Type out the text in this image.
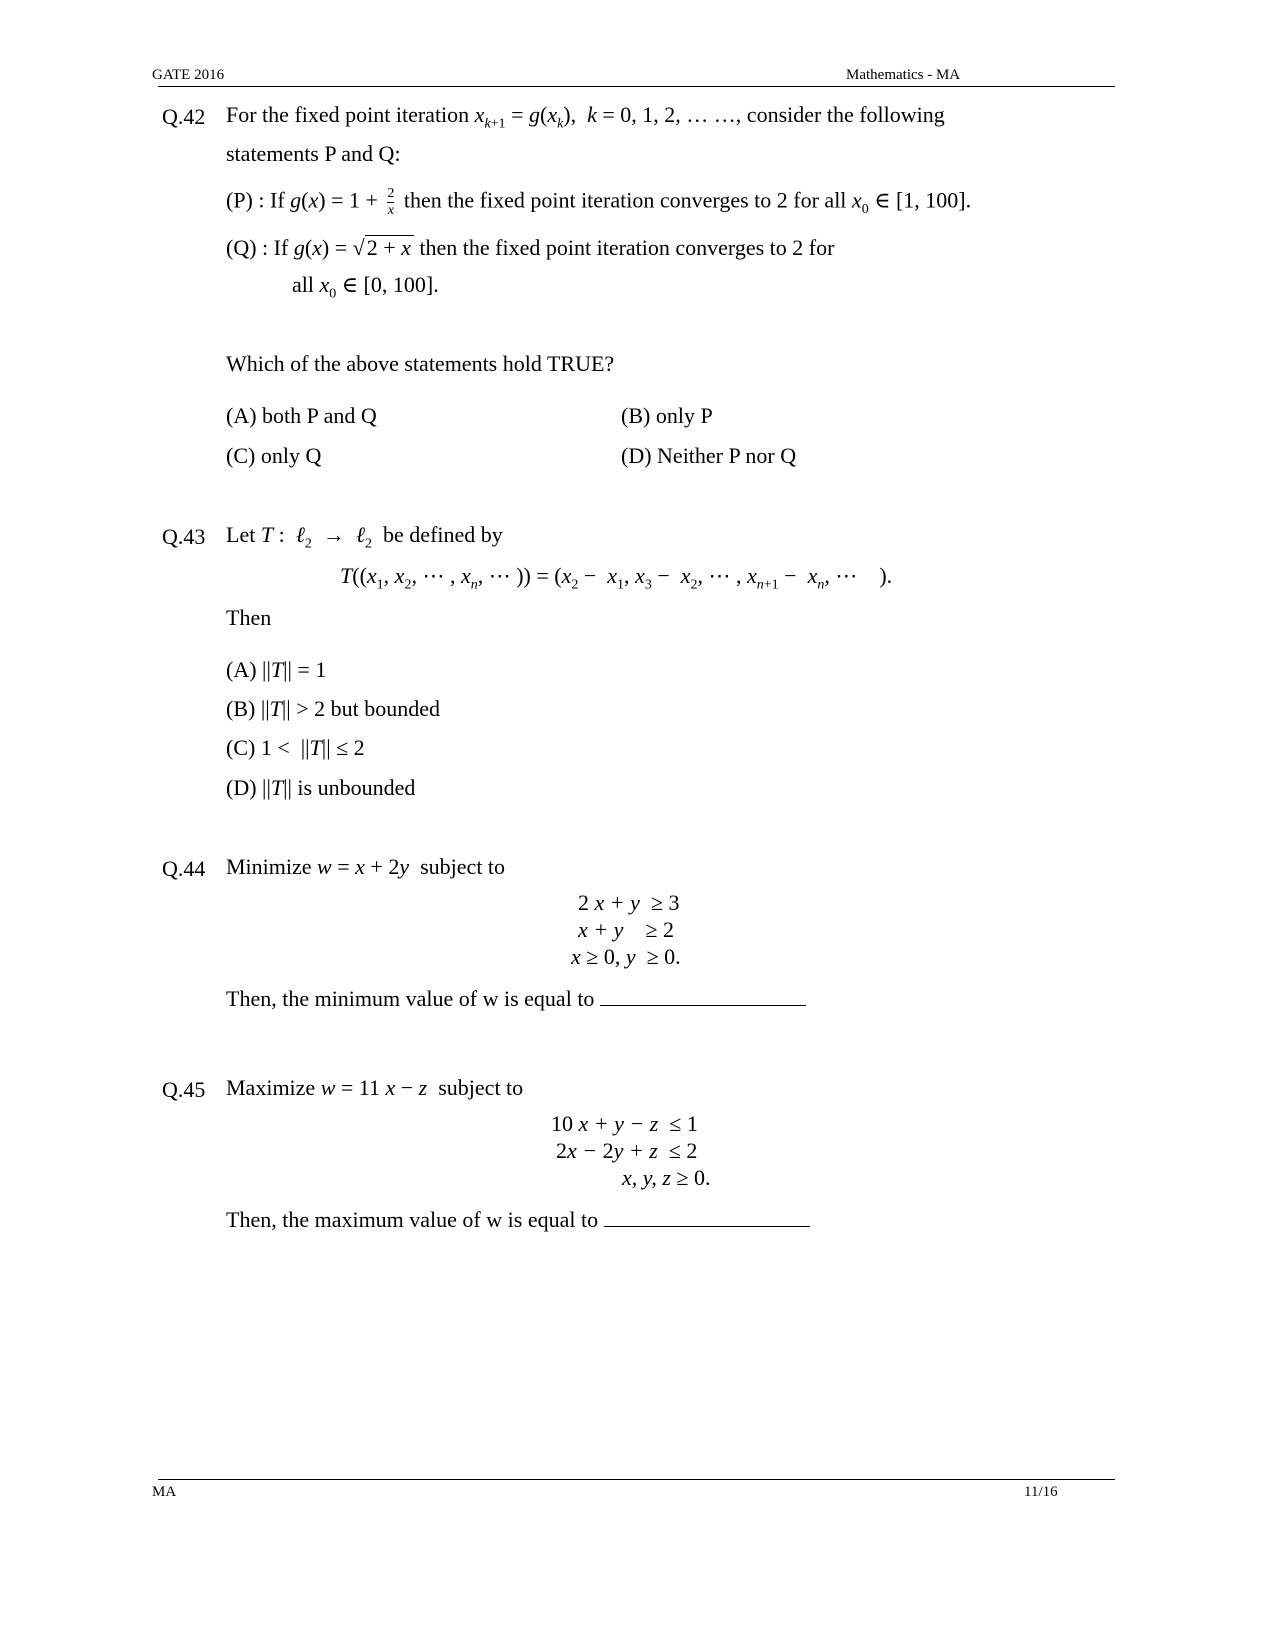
GATE 2016	Mathematics - MA
Q.42 For the fixed point iteration $x_{k+1} = g(x_k)$,  k = 0, 1, 2, … …, consider the following
statements P and Q:
(P) : If $g(x) = 1 + \frac{2}{x}$ then the fixed point iteration converges to 2 for all $x_0$ ∈ [1, 100].
(Q) : If g(x) = √2 + x then the fixed point iteration converges to 2 for
all $x_0$ ∈ [0, 100].
Which of the above statements hold TRUE?
(A) both P and Q	(B) only P
(C) only Q	(D) Neither P nor Q
Q.43 Let T :  ℓ$_2$  →  ℓ$_2$  be defined by
$T((x_1$, $x_2$, ⋯ , $x_n$, ⋯ )) = ($x_2 - x_1$, $x_3 - x_2$, ⋯ , $x_{n+1} - x_n$, ⋯    ).
Then
(A) ||T|| = 1
(B) ||T|| > 2 but bounded
(C) 1 <  ||T|| ≤ 2
(D) ||T|| is unbounded
Q.44 Minimize w = x + 2y  subject to
2 x + y  ≥ 3
x + y    ≥ 2
x ≥ 0, y  ≥ 0.
Then, the minimum value of w is equal to
Q.45 Maximize w = 11 x − z  subject to
10 x + y − z  ≤ 1
2x − 2y + z  ≤ 2
x, y, z ≥ 0.
Then, the maximum value of w is equal to
MA	11/16
